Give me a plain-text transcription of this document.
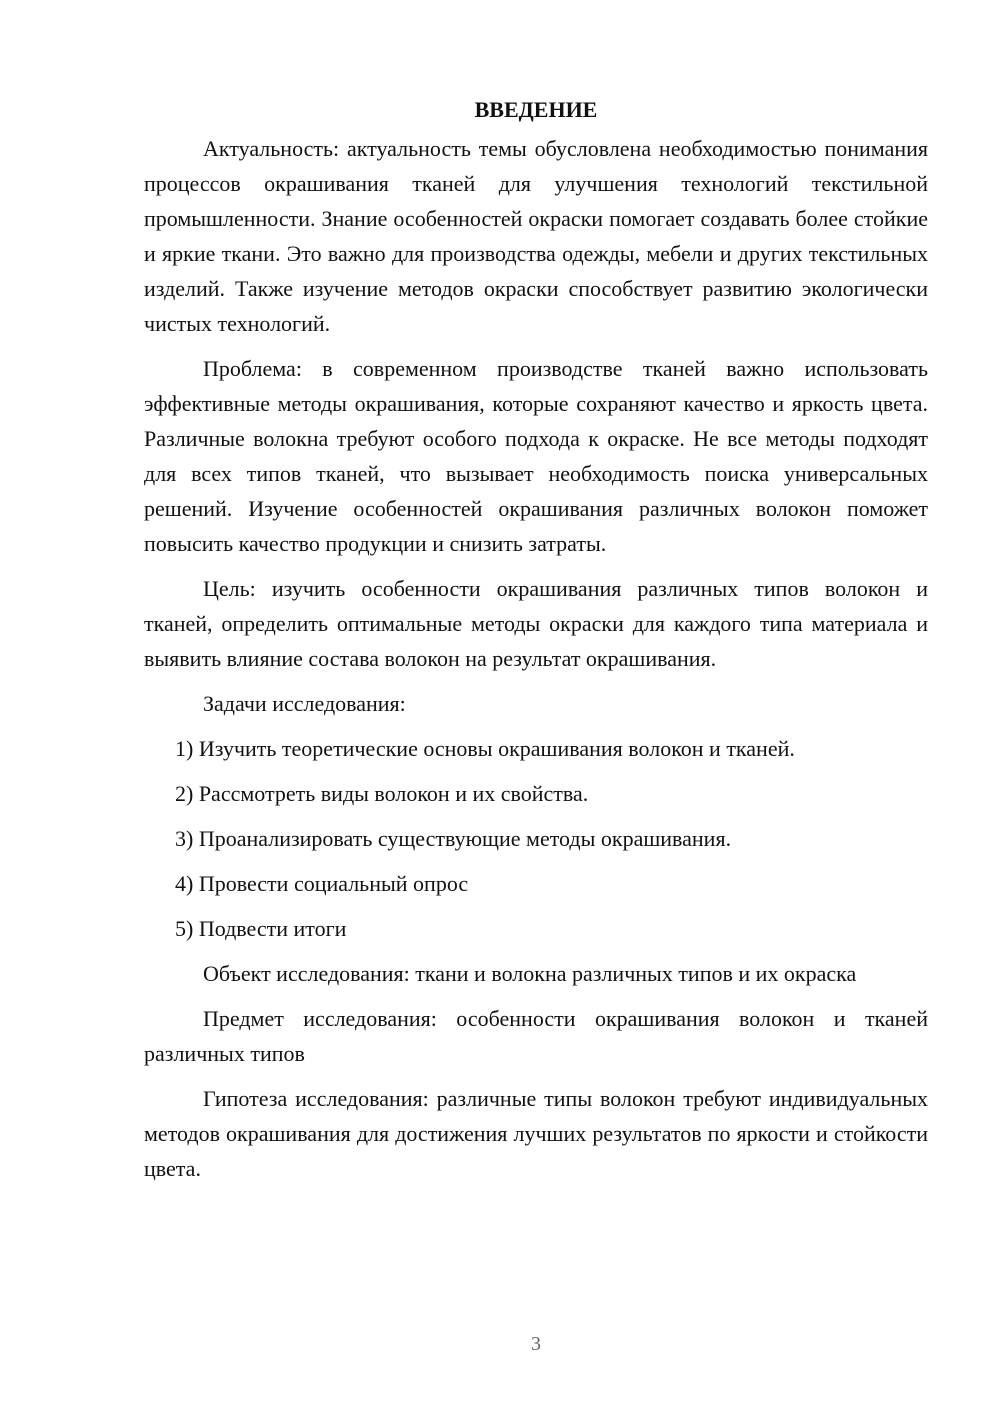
ВВЕДЕНИЕ

Актуальность: актуальность темы обусловлена необходимостью понимания процессов окрашивания тканей для улучшения технологий текстильной промышленности. Знание особенностей окраски помогает создавать более стойкие и яркие ткани. Это важно для производства одежды, мебели и других текстильных изделий. Также изучение методов окраски способствует развитию экологически чистых технологий.

Проблема: в современном производстве тканей важно использовать эффективные методы окрашивания, которые сохраняют качество и яркость цвета. Различные волокна требуют особого подхода к окраске. Не все методы подходят для всех типов тканей, что вызывает необходимость поиска универсальных решений. Изучение особенностей окрашивания различных волокон поможет повысить качество продукции и снизить затраты.

Цель: изучить особенности окрашивания различных типов волокон и тканей, определить оптимальные методы окраски для каждого типа материала и выявить влияние состава волокон на результат окрашивания.

Задачи исследования:

1) Изучить теоретические основы окрашивания волокон и тканей.
2) Рассмотреть виды волокон и их свойства.
3) Проанализировать существующие методы окрашивания.
4) Провести социальный опрос
5) Подвести итоги

Объект исследования: ткани и волокна различных типов и их окраска

Предмет исследования: особенности окрашивания волокон и тканей различных типов

Гипотеза исследования: различные типы волокон требуют индивидуальных методов окрашивания для достижения лучших результатов по яркости и стойкости цвета.

3
